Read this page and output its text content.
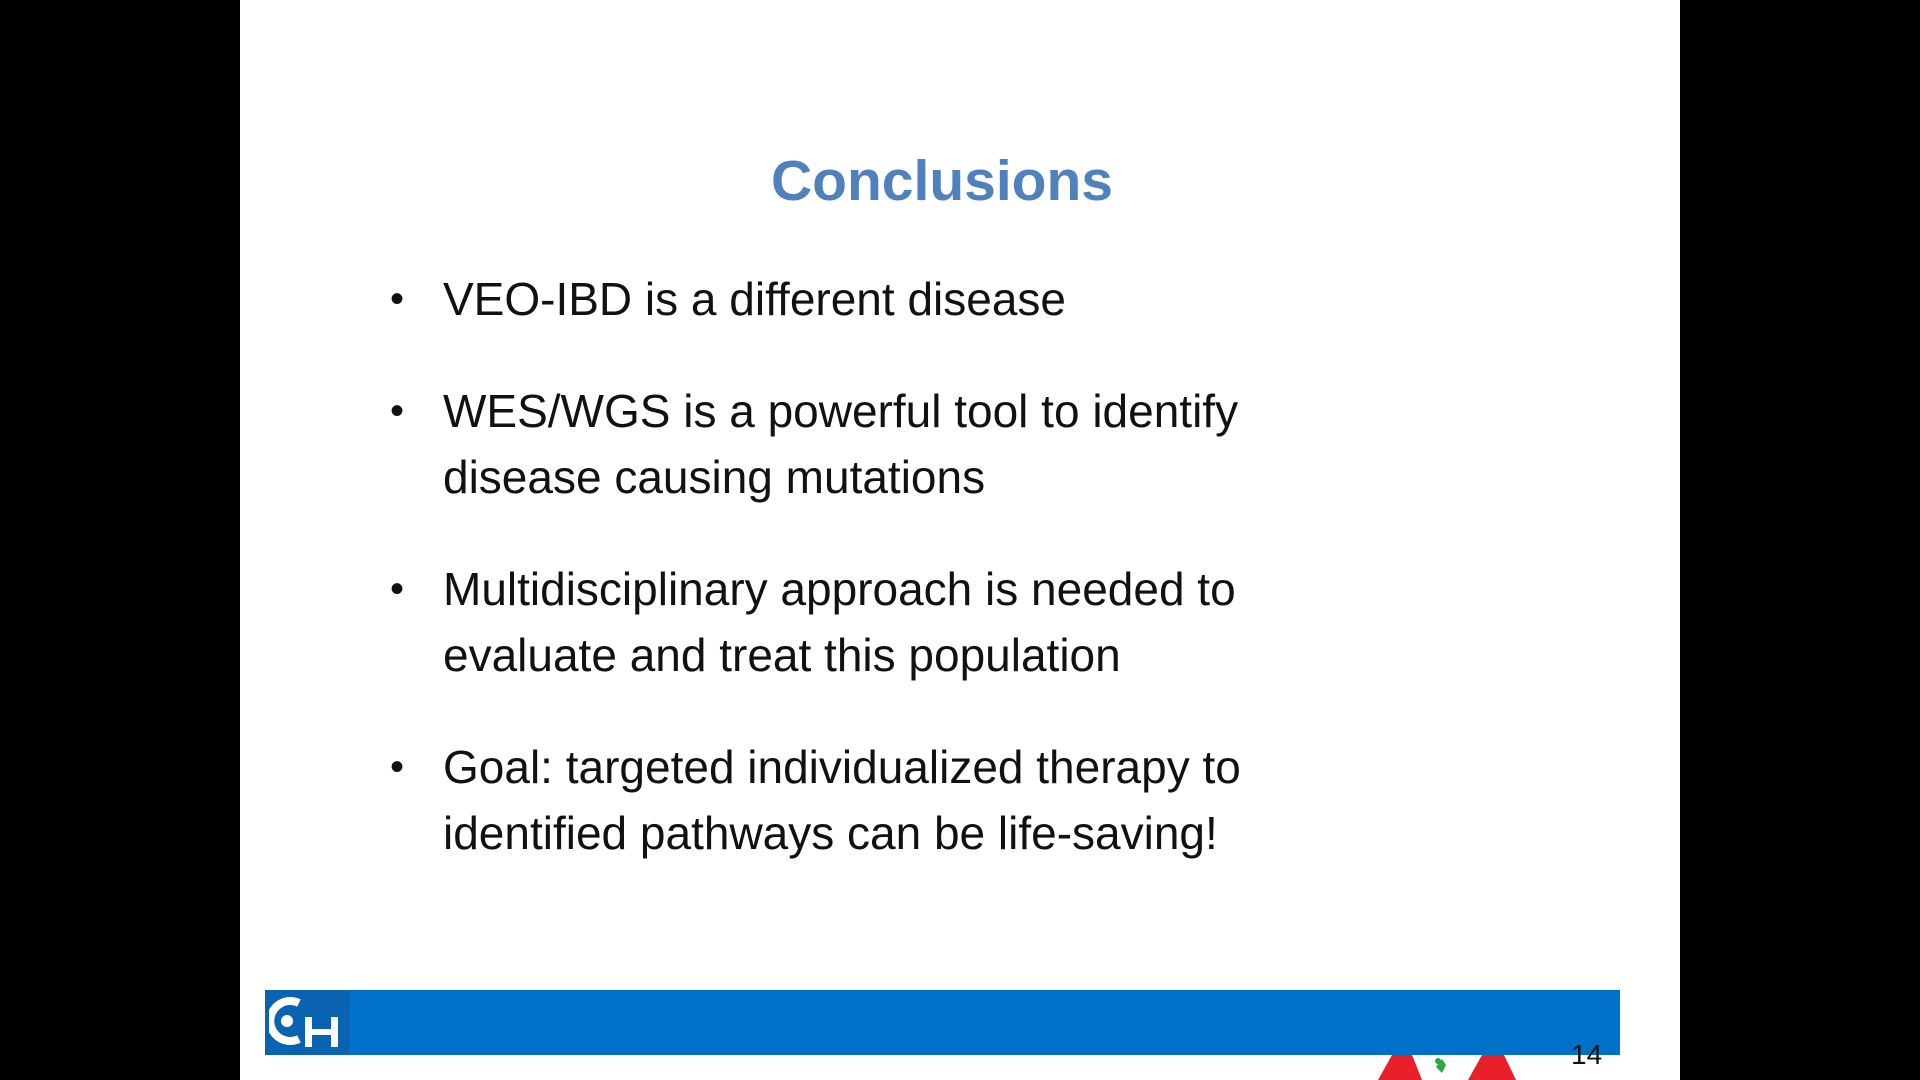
Conclusions
• VEO-IBD is a different disease
• WES/WGS is a powerful tool to identify
disease causing mutations
• Multidisciplinary approach is needed to
evaluate and treat this population
• Goal: targeted individualized therapy to
identified pathways can be life-saving!
14
